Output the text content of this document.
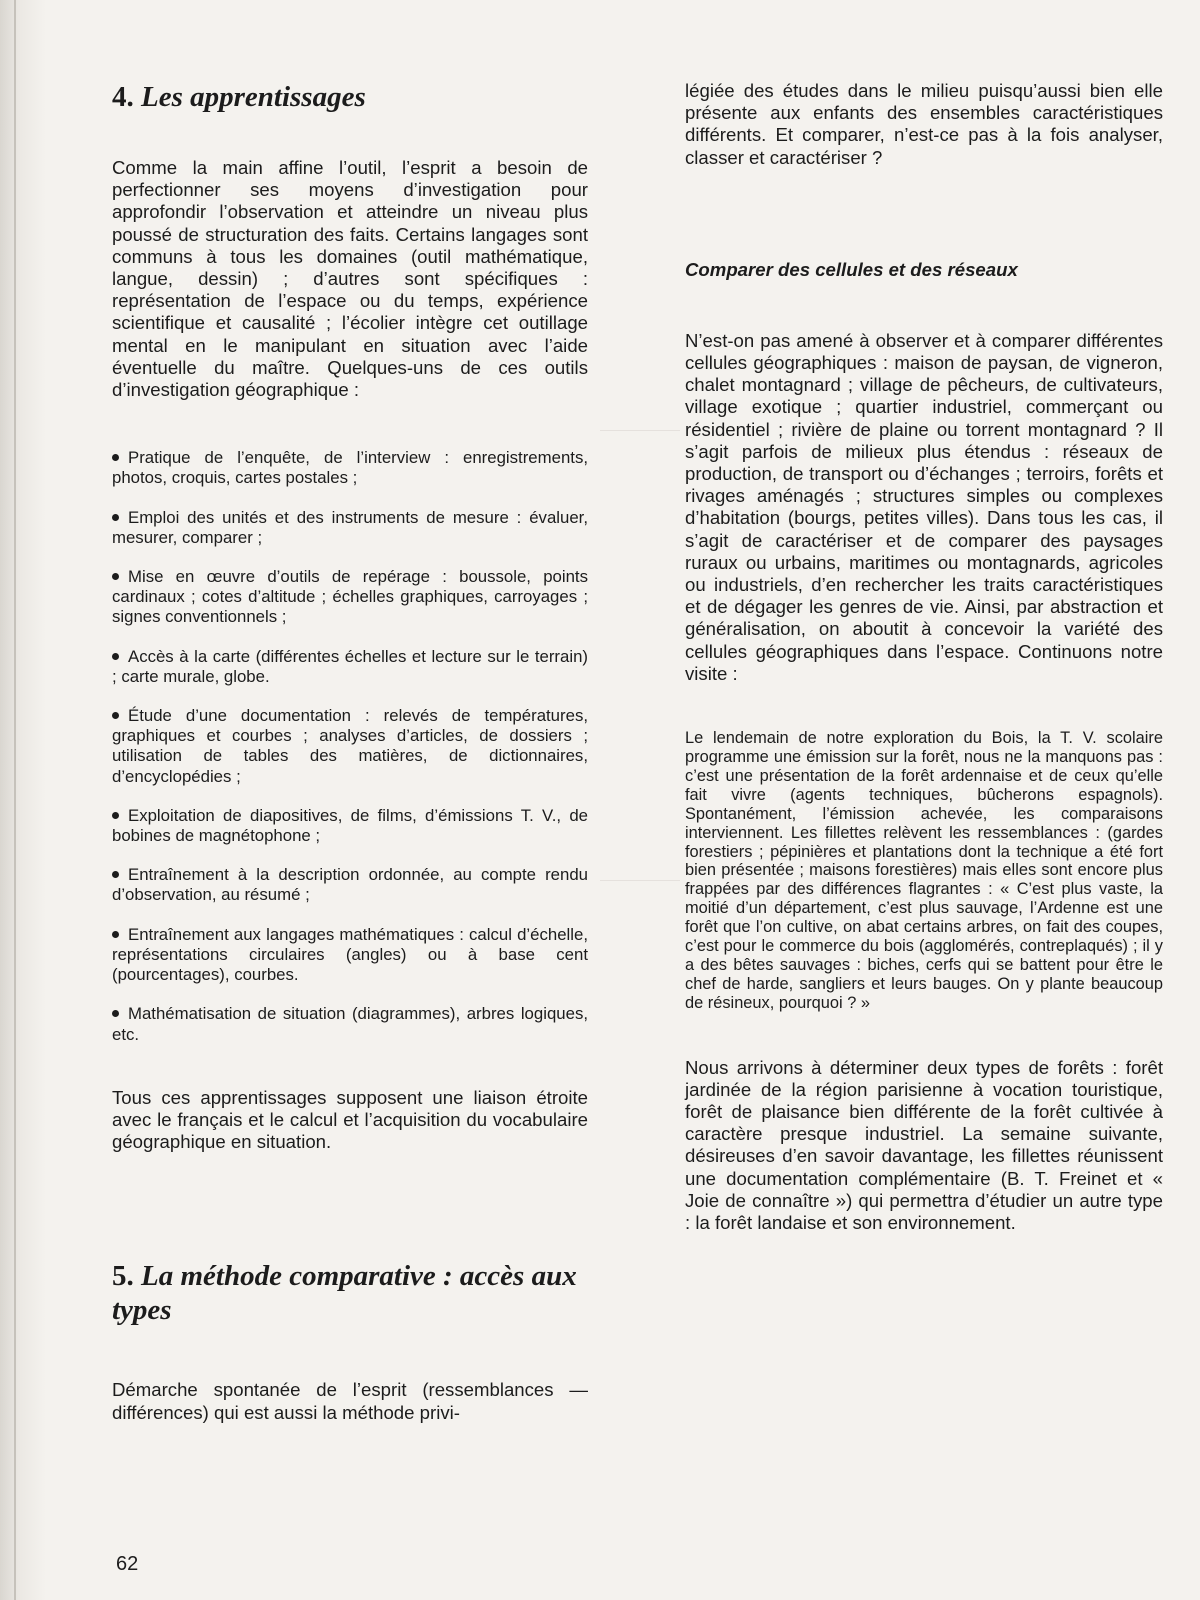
4. Les apprentissages

Comme la main affine l’outil, l’esprit a besoin de perfectionner ses moyens d’investigation pour approfondir l’observation et atteindre un niveau plus poussé de structuration des faits. Certains langages sont communs à tous les domaines (outil mathématique, langue, dessin) ; d’autres sont spécifiques : représentation de l’espace ou du temps, expérience scientifique et causalité ; l’écolier intègre cet outillage mental en le manipulant en situation avec l’aide éventuelle du maître. Quelques-uns de ces outils d’investigation géographique :

Pratique de l’enquête, de l’interview : enregistrements, photos, croquis, cartes postales ;

Emploi des unités et des instruments de mesure : évaluer, mesurer, comparer ;

Mise en œuvre d’outils de repérage : boussole, points cardinaux ; cotes d’altitude ; échelles graphiques, carroyages ; signes conventionnels ;

Accès à la carte (différentes échelles et lecture sur le terrain) ; carte murale, globe.

Étude d’une documentation : relevés de températures, graphiques et courbes ; analyses d’articles, de dossiers ; utilisation de tables des matières, de dictionnaires, d’encyclopédies ;

Exploitation de diapositives, de films, d’émissions T. V., de bobines de magnétophone ;

Entraînement à la description ordonnée, au compte rendu d’observation, au résumé ;

Entraînement aux langages mathématiques : calcul d’échelle, représentations circulaires (angles) ou à base cent (pourcentages), courbes.

Mathématisation de situation (diagrammes), arbres logiques, etc.

Tous ces apprentissages supposent une liaison étroite avec le français et le calcul et l’acquisition du vocabulaire géographique en situation.

5. La méthode comparative : accès aux types

Démarche spontanée de l’esprit (ressemblances — différences) qui est aussi la méthode privi-

légiée des études dans le milieu puisqu’aussi bien elle présente aux enfants des ensembles caractéristiques différents. Et comparer, n’est-ce pas à la fois analyser, classer et caractériser ?

Comparer des cellules et des réseaux

N’est-on pas amené à observer et à comparer différentes cellules géographiques : maison de paysan, de vigneron, chalet montagnard ; village de pêcheurs, de cultivateurs, village exotique ; quartier industriel, commerçant ou résidentiel ; rivière de plaine ou torrent montagnard ? Il s’agit parfois de milieux plus étendus : réseaux de production, de transport ou d’échanges ; terroirs, forêts et rivages aménagés ; structures simples ou complexes d’habitation (bourgs, petites villes). Dans tous les cas, il s’agit de caractériser et de comparer des paysages ruraux ou urbains, maritimes ou montagnards, agricoles ou industriels, d’en rechercher les traits caractéristiques et de dégager les genres de vie. Ainsi, par abstraction et généralisation, on aboutit à concevoir la variété des cellules géographiques dans l’espace. Continuons notre visite :

Le lendemain de notre exploration du Bois, la T. V. scolaire programme une émission sur la forêt, nous ne la manquons pas : c’est une présentation de la forêt ardennaise et de ceux qu’elle fait vivre (agents techniques, bûcherons espagnols). Spontanément, l’émission achevée, les comparaisons interviennent. Les fillettes relèvent les ressemblances : (gardes forestiers ; pépinières et plantations dont la technique a été fort bien présentée ; maisons forestières) mais elles sont encore plus frappées par des différences flagrantes : « C’est plus vaste, la moitié d’un département, c’est plus sauvage, l’Ardenne est une forêt que l’on cultive, on abat certains arbres, on fait des coupes, c’est pour le commerce du bois (agglomérés, contreplaqués) ; il y a des bêtes sauvages : biches, cerfs qui se battent pour être le chef de harde, sangliers et leurs bauges. On y plante beaucoup de résineux, pourquoi ? »

Nous arrivons à déterminer deux types de forêts : forêt jardinée de la région parisienne à vocation touristique, forêt de plaisance bien différente de la forêt cultivée à caractère presque industriel. La semaine suivante, désireuses d’en savoir davantage, les fillettes réunissent une documentation complémentaire (B. T. Freinet et « Joie de connaître ») qui permettra d’étudier un autre type : la forêt landaise et son environnement.

62
